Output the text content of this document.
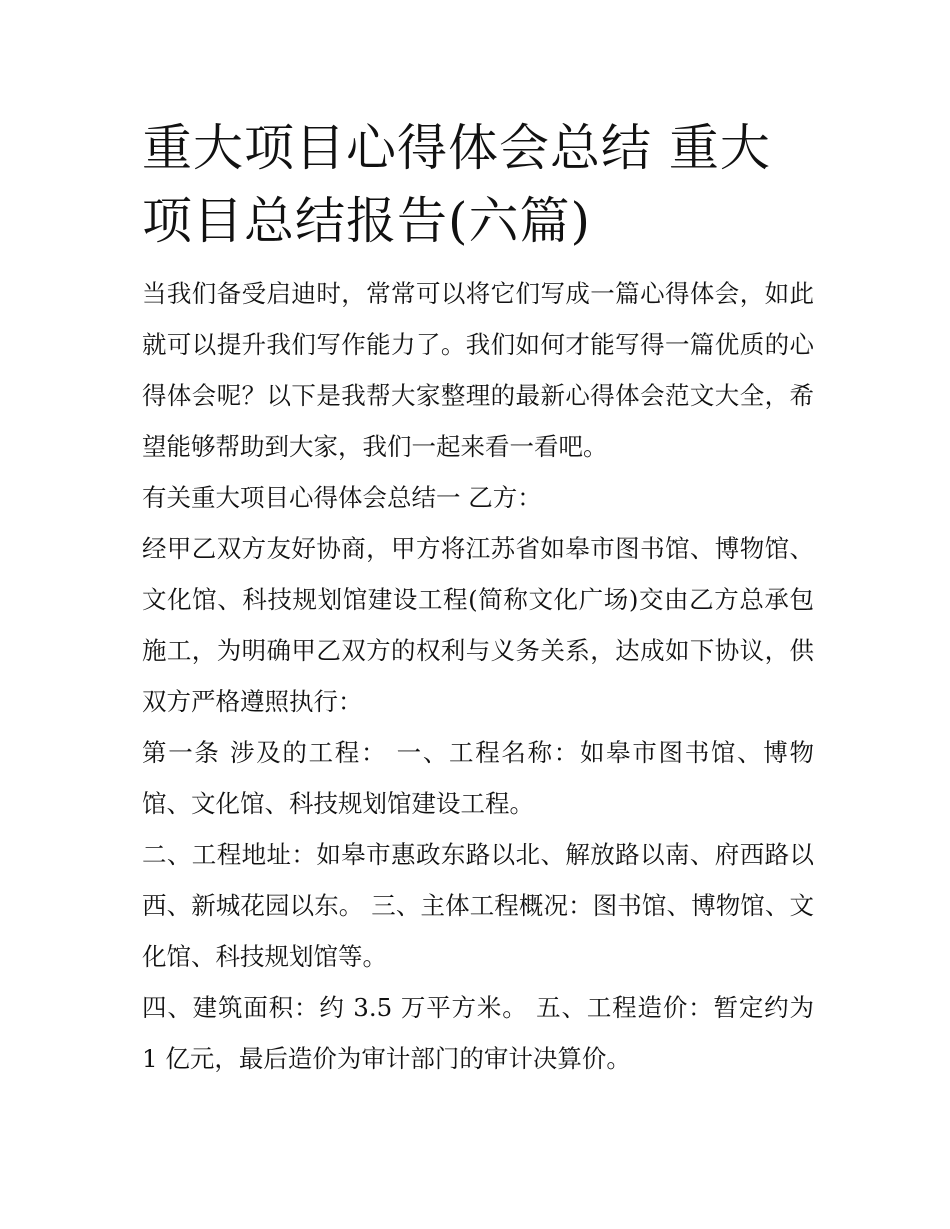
重大项目心得体会总结 重大项目总结报告(六篇)

当我们备受启迪时，常常可以将它们写成一篇心得体会，如此就可以提升我们写作能力了。我们如何才能写得一篇优质的心得体会呢？以下是我帮大家整理的最新心得体会范文大全，希望能够帮助到大家，我们一起来看一看吧。

有关重大项目心得体会总结一 乙方：

经甲乙双方友好协商，甲方将江苏省如皋市图书馆、博物馆、文化馆、科技规划馆建设工程(简称文化广场)交由乙方总承包施工，为明确甲乙双方的权利与义务关系，达成如下协议，供双方严格遵照执行：

第一条 涉及的工程： 一、工程名称：如皋市图书馆、博物馆、文化馆、科技规划馆建设工程。

二、工程地址：如皋市惠政东路以北、解放路以南、府西路以西、新城花园以东。 三、主体工程概况：图书馆、博物馆、文化馆、科技规划馆等。

四、建筑面积：约 3.5 万平方米。 五、工程造价：暂定约为 1 亿元，最后造价为审计部门的审计决算价。
